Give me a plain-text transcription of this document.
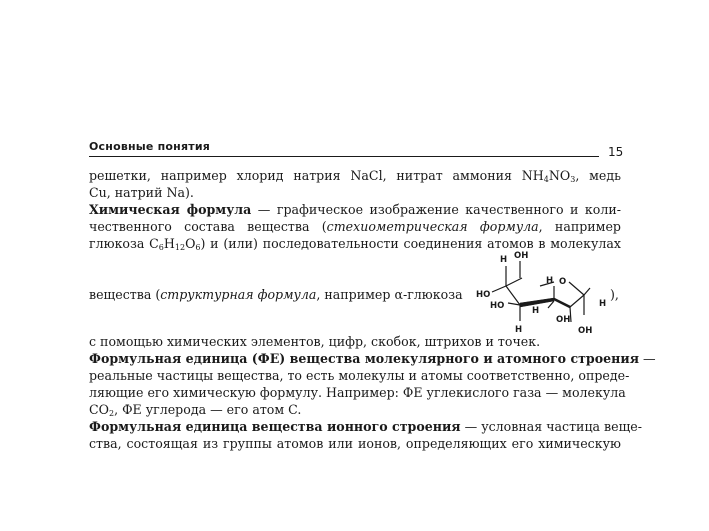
Основные понятия	15
решетки, например хлорид натрия NaCl, нитрат аммония $NH_4NO_3$, медь
Cu, натрий Na).
Химическая формула — графическое изображение качественного и коли-
чественного состава вещества (стехиометрическая формула, например
глюкоза $C_6H_{12}O_6$) и (или) последовательности соединения атомов в молекулах
вещества (структурная формула, например α-глюкоза	),
H OH
H O
HO
HO	H
H
OH
H	OH
с помощью химических элементов, цифр, скобок, штрихов и точек.
Формульная единица (ФЕ) вещества молекулярного и атомного строения —
реальные частицы вещества, то есть молекулы и атомы соответственно, опреде-
ляющие его химическую формулу. Например: ФЕ углекислого газа — молекула
$CO_2$, ФЕ углерода — его атом C.
Формульная единица вещества ионного строения — условная частица веще-
ства, состоящая из группы атомов или ионов, определяющих его химическую
